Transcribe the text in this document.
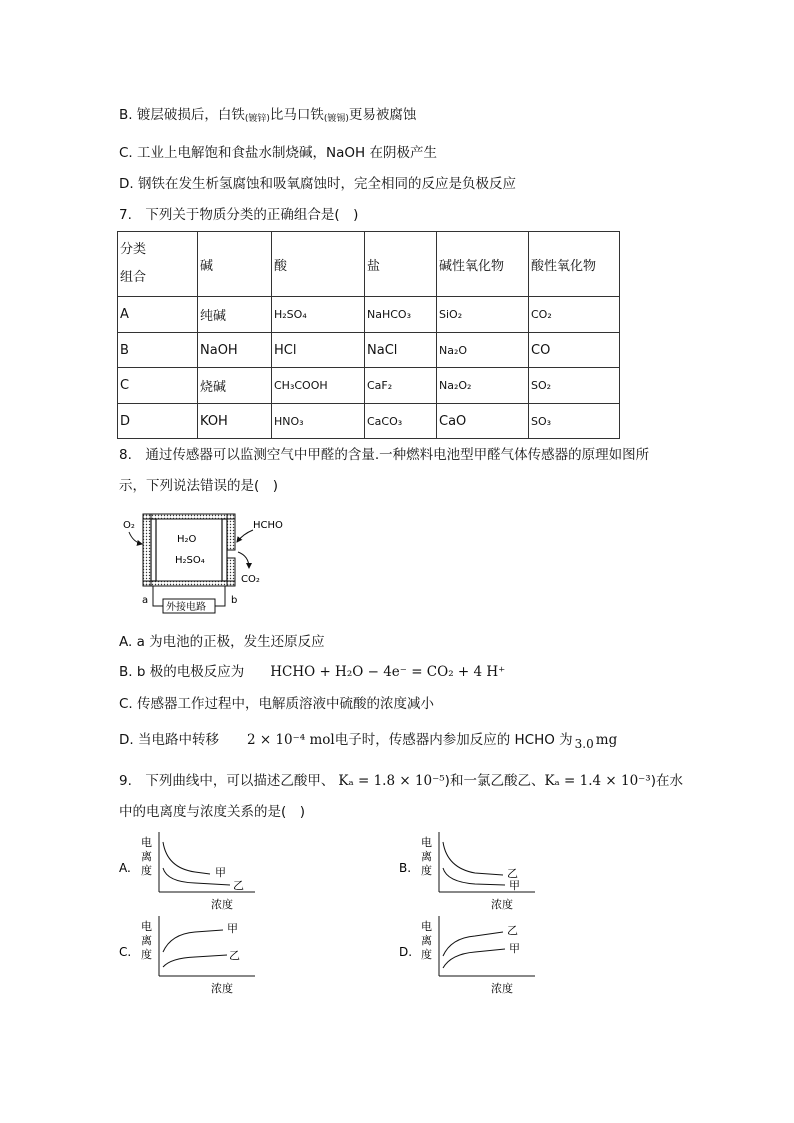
B. 镀层破损后，白铁$_{(镀锌)}$比马口铁$_{(镀锡)}$更易被腐蚀
C. 工业上电解饱和食盐水制烧碱，NaOH 在阴极产生
D. 钢铁在发生析氢腐蚀和吸氧腐蚀时，完全相同的反应是负极反应
7.　下列关于物质分类的正确组合是(　)
分类
组合	碱	酸	盐	碱性氧化物	酸性氧化物
A	纯碱	H₂SO₄	NaHCO₃	SiO₂	CO₂
B	NaOH	HCl	NaCl	Na₂O	CO
C	烧碱	CH₃COOH	CaF₂	Na₂O₂	SO₂
D	KOH	HNO₃	CaCO₃	CaO	SO₃
8.　通过传感器可以监测空气中甲醛的含量.一种燃料电池型甲醛气体传感器的原理如图所
示，下列说法错误的是(　)
H₂O
H₂SO₄
O₂	HCHO
CO₂
外接电路
a	b
A. a 为电池的正极，发生还原反应
B. b 极的电极反应为 HCHO + H₂O − 4e⁻ = CO₂ + 4 H⁺
C. 传感器工作过程中，电解质溶液中硫酸的浓度减小
D. 当电路中转移 2 × 10⁻⁴ mol电子时，传感器内参加反应的 HCHO 为 3.0 mg
9.　下列曲线中，可以描述乙酸甲、 Kₐ = 1.8 × 10⁻⁵)和一氯乙酸乙、Kₐ = 1.4 × 10⁻³)在水
中的电离度与浓度关系的是(　)
A.
电
离
度	甲
乙
浓度
B.
电
离
度	乙
甲
浓度
C.
电
离
度
甲
乙
浓度
D.
电
离
度
乙
甲
浓度
